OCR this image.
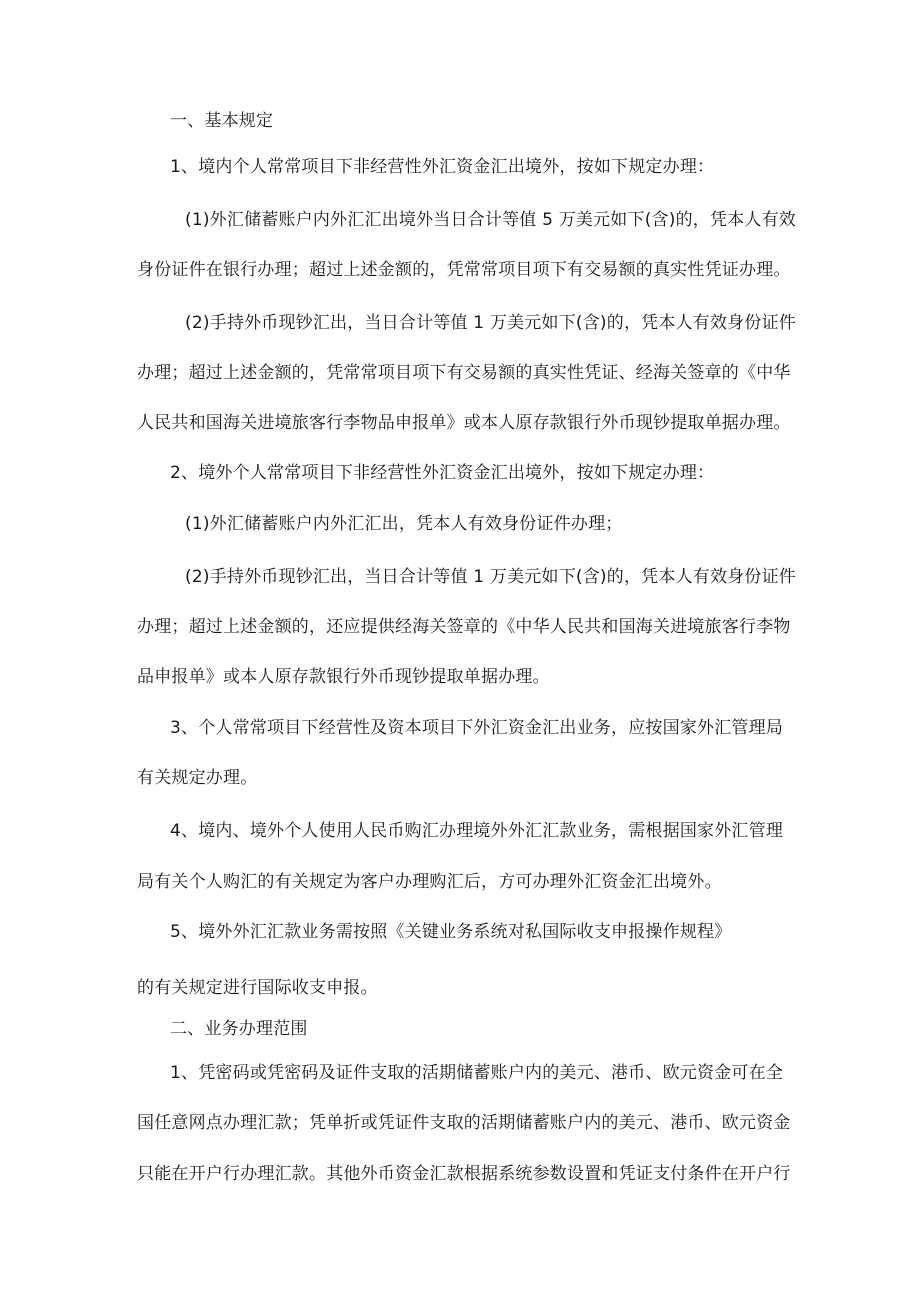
一、基本规定
1、境内个人常常项目下非经营性外汇资金汇出境外，按如下规定办理：
(1)外汇储蓄账户内外汇汇出境外当日合计等值 5 万美元如下(含)的，凭本人有效
身份证件在银行办理；超过上述金额的，凭常常项目项下有交易额的真实性凭证办理。
(2)手持外币现钞汇出，当日合计等值 1 万美元如下(含)的，凭本人有效身份证件
办理；超过上述金额的，凭常常项目项下有交易额的真实性凭证、经海关签章的《中华
人民共和国海关进境旅客行李物品申报单》或本人原存款银行外币现钞提取单据办理。
2、境外个人常常项目下非经营性外汇资金汇出境外，按如下规定办理：
(1)外汇储蓄账户内外汇汇出，凭本人有效身份证件办理；
(2)手持外币现钞汇出，当日合计等值 1 万美元如下(含)的，凭本人有效身份证件
办理；超过上述金额的，还应提供经海关签章的《中华人民共和国海关进境旅客行李物
品申报单》或本人原存款银行外币现钞提取单据办理。
3、个人常常项目下经营性及资本项目下外汇资金汇出业务，应按国家外汇管理局
有关规定办理。
4、境内、境外个人使用人民币购汇办理境外外汇汇款业务，需根据国家外汇管理
局有关个人购汇的有关规定为客户办理购汇后，方可办理外汇资金汇出境外。
5、境外外汇汇款业务需按照《关键业务系统对私国际收支申报操作规程》
的有关规定进行国际收支申报。
二、业务办理范围
1、凭密码或凭密码及证件支取的活期储蓄账户内的美元、港币、欧元资金可在全
国任意网点办理汇款；凭单折或凭证件支取的活期储蓄账户内的美元、港币、欧元资金
只能在开户行办理汇款。其他外币资金汇款根据系统参数设置和凭证支付条件在开户行
